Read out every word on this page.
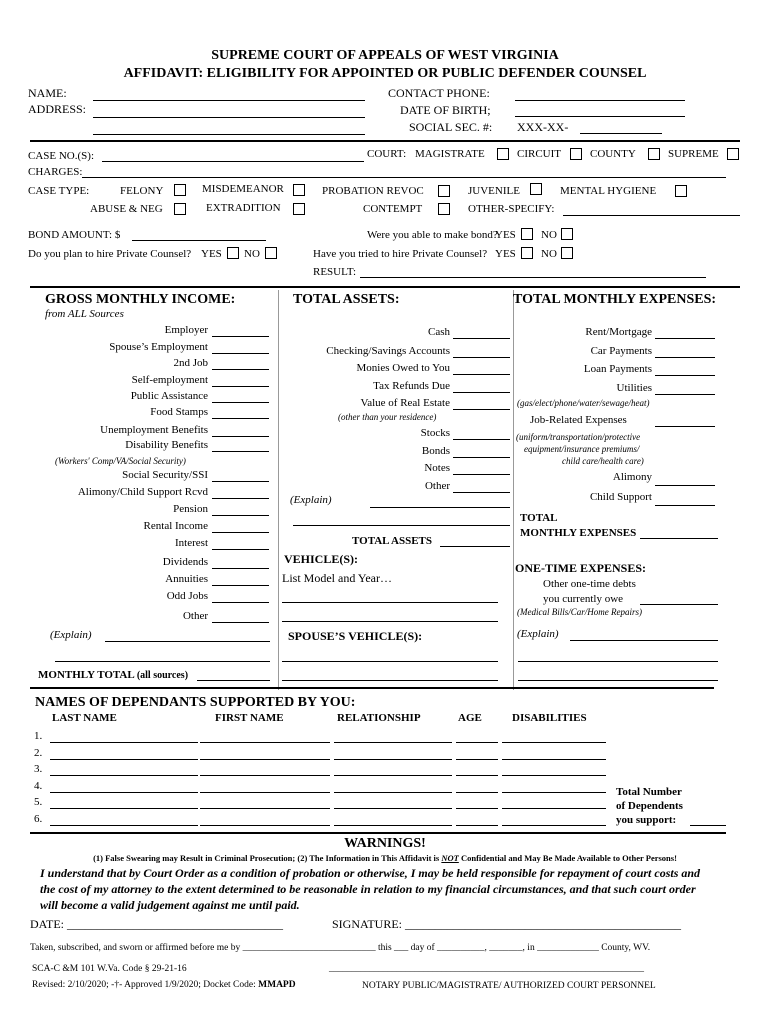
SUPREME COURT OF APPEALS OF WEST VIRGINIA
AFFIDAVIT: ELIGIBILITY FOR APPOINTED OR PUBLIC DEFENDER COUNSEL
NAME:
ADDRESS:
CONTACT PHONE:
DATE OF BIRTH;
SOCIAL SEC. #: XXX-XX-
CASE NO.(S):	COURT: MAGISTRATE	CIRCUIT	COUNTY	SUPREME
CHARGES:
CASE TYPE:	FELONY	MISDEMEANOR	PROBATION REVOC	JUVENILE	MENTAL HYGIENE
ABUSE & NEG	EXTRADITION	CONTEMPT	OTHER-SPECIFY:
BOND AMOUNT: $	Were you able to make bond?
YES NO
Do you plan to hire Private Counsel? YES NO	Have you tried to hire Private Counsel? YES NO
RESULT:
GROSS MONTHLY INCOME:
from ALL Sources
Employer
Spouse’s Employment
2nd Job
Self-employment
Public Assistance
Food Stamps
Unemployment Benefits
Disability Benefits
(Workers' Comp/VA/Social Security)
Social Security/SSI
Alimony/Child Support Rcvd
Pension
Rental Income
Interest
Dividends
Annuities
Odd Jobs
Other
(Explain)
MONTHLY TOTAL (all sources)
TOTAL ASSETS:
Cash
Checking/Savings Accounts
Monies Owed to You
Tax Refunds Due
Value of Real Estate
(other than your residence)
Stocks
Bonds
Notes
Other
(Explain)
TOTAL ASSETS
VEHICLE(S):
List Model and Year…
SPOUSE’S VEHICLE(S):
TOTAL MONTHLY EXPENSES:
Rent/Mortgage
Car Payments
Loan Payments
Utilities
(gas/elect/phone/water/sewage/heat)
Job-Related Expenses
(uniform/transportation/protective
equipment/insurance premiums/
child care/health care)
Alimony
Child Support
TOTAL
MONTHLY EXPENSES
ONE-TIME EXPENSES:
Other one-time debts
you currently owe
(Medical Bills/Car/Home Repairs)
(Explain)
NAMES OF DEPENDANTS SUPPORTED BY YOU:
LAST NAME	FIRST NAME	RELATIONSHIP	AGE	DISABILITIES
1.
2.
3.
4.
5.
6.
Total Number
of Dependents
you support:
WARNINGS!
(1) False Swearing may Result in Criminal Prosecution; (2) The Information in This Affidavit is NOT Confidential and May Be Made Available to Other Persons!
I understand that by Court Order as a condition of probation or otherwise, I may be held responsible for repayment of court costs and
the cost of my attorney to the extent determined to be reasonable in relation to my financial circumstances, and that such court order
will become a valid judgement against me until paid.
DATE: ____________________________________	SIGNATURE: ______________________________________________
Taken, subscribed, and sworn or affirmed before me by ____________________________ this ___ day of __________, _______, in _____________ County, WV.
SCA-C &M 101 W.Va. Code § 29-21-16	______________________________________________________________________
Revised: 2/10/2020; -†- Approved 1/9/2020; Docket Code: MMAPD	NOTARY PUBLIC/MAGISTRATE/ AUTHORIZED COURT PERSONNEL
